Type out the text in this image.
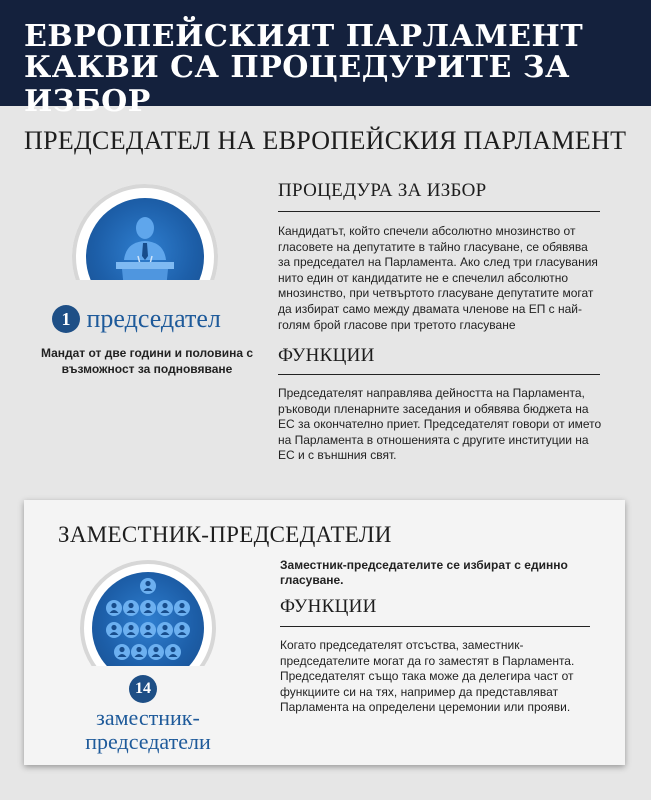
ЕВРОПЕЙСКИЯТ ПАРЛАМЕНТ
КАКВИ СА ПРОЦЕДУРИТЕ ЗА ИЗБОР
ПРЕДСЕДАТЕЛ НА ЕВРОПЕЙСКИЯ ПАРЛАМЕНТ
1 председател
Мандат от две години и половина с възможност за подновяване
ПРОЦЕДУРА ЗА ИЗБОР
Кандидатът, който спечели абсолютно мнозинство от гласовете на депутатите в тайно гласуване, се обявява за председател на Парламента. Ако след три гласувания нито един от кандидатите не е спечелил абсолютно мнозинство, при четвъртото гласуване депутатите могат да избират само между двамата членове на ЕП с най-голям брой гласове при третото гласуване
ФУНКЦИИ
Председателят направлява дейността на Парламента, ръководи пленарните заседания и обявява бюджета на ЕС за окончателно приет. Председателят говори от името на Парламента в отношенията с другите институции на ЕС и с външния свят.
ЗАМЕСТНИК-ПРЕДСЕДАТЕЛИ
14
заместник-
председатели
Заместник-председателите се избират с единно гласуване.
ФУНКЦИИ
Когато председателят отсъства, заместник-председателите могат да го заместят в Парламента. Председателят също така може да делегира част от функциите си на тях, например да представляват Парламента на определени церемонии или прояви.
